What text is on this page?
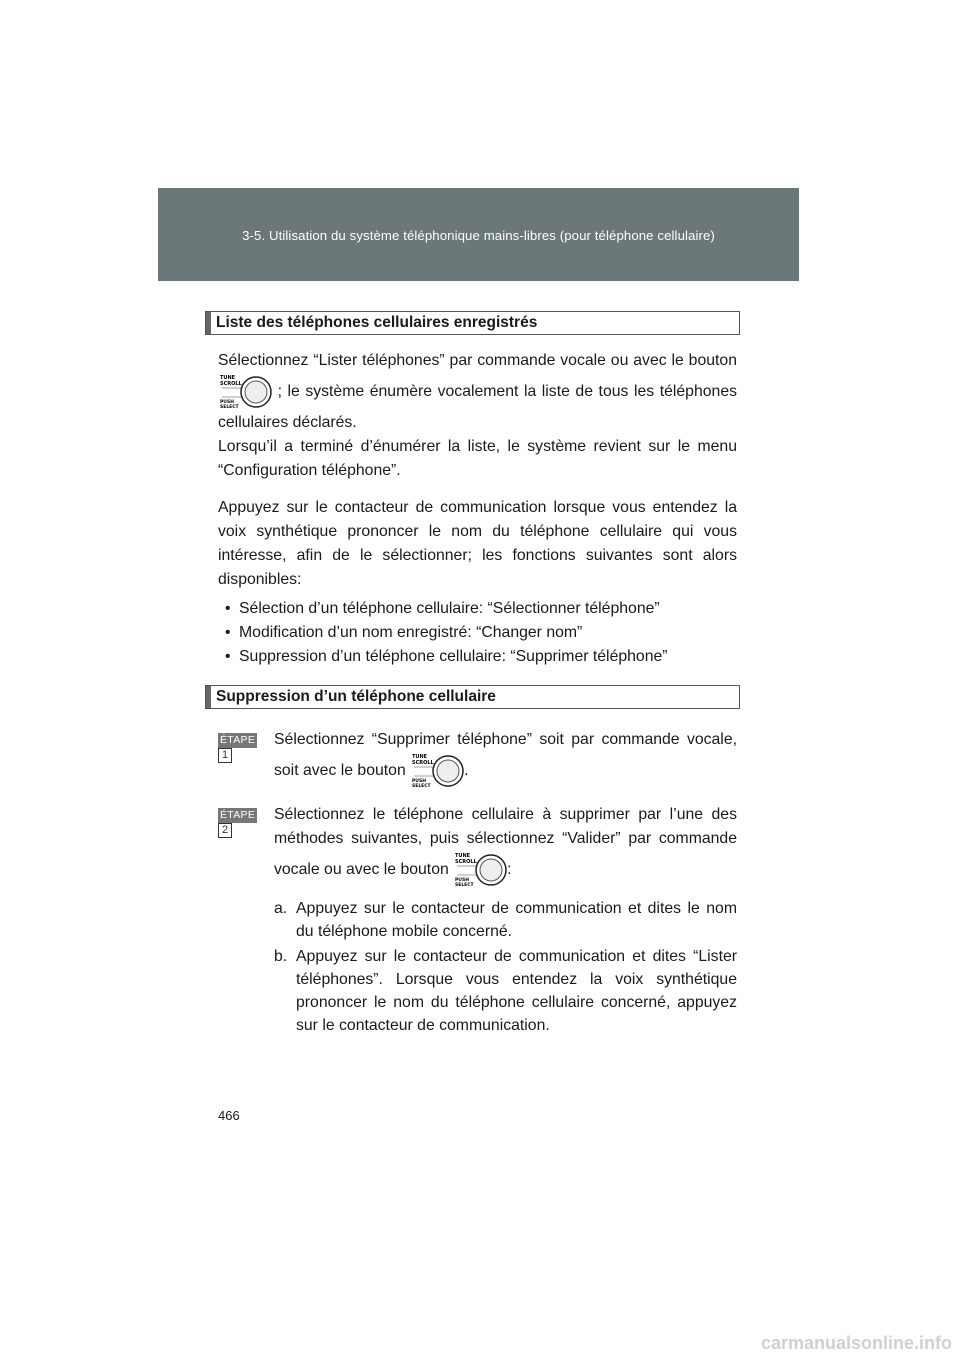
3-5. Utilisation du système téléphonique mains-libres (pour téléphone cellulaire)
Liste des téléphones cellulaires enregistrés

Sélectionnez “Lister téléphones” par commande vocale ou avec le bouton
TUNE
SCROLL
PUSH
SELECT
; le système énumère vocalement la liste de tous les téléphones cellulaires déclarés.
Lorsqu’il a terminé d’énumérer la liste, le système revient sur le menu “Configuration téléphone”.

Appuyez sur le contacteur de communication lorsque vous entendez la voix synthétique prononcer le nom du téléphone cellulaire qui vous intéresse, afin de le sélectionner; les fonctions suivantes sont alors disponibles:

• Sélection d’un téléphone cellulaire: “Sélectionner téléphone”
• Modification d’un nom enregistré: “Changer nom”
• Suppression d’un téléphone cellulaire: “Supprimer téléphone”
Suppression d’un téléphone cellulaire
ÉTAPE1

Sélectionnez “Supprimer téléphone” soit par commande vocale, soit avec le bouton
TUNE
SCROLL
PUSH
SELECT
.

ÉTAPE2

Sélectionnez le téléphone cellulaire à supprimer par l’une des méthodes suivantes, puis sélectionnez “Valider” par commande vocale ou avec le bouton
TUNE
SCROLL
PUSH
SELECT
:

a. Appuyez sur le contacteur de communication et dites le nom du téléphone mobile concerné.
b. Appuyez sur le contacteur de communication et dites “Lister téléphones”. Lorsque vous entendez la voix synthétique prononcer le nom du téléphone cellulaire concerné, appuyez sur le contacteur de communication.
466
carmanualsonline.info
